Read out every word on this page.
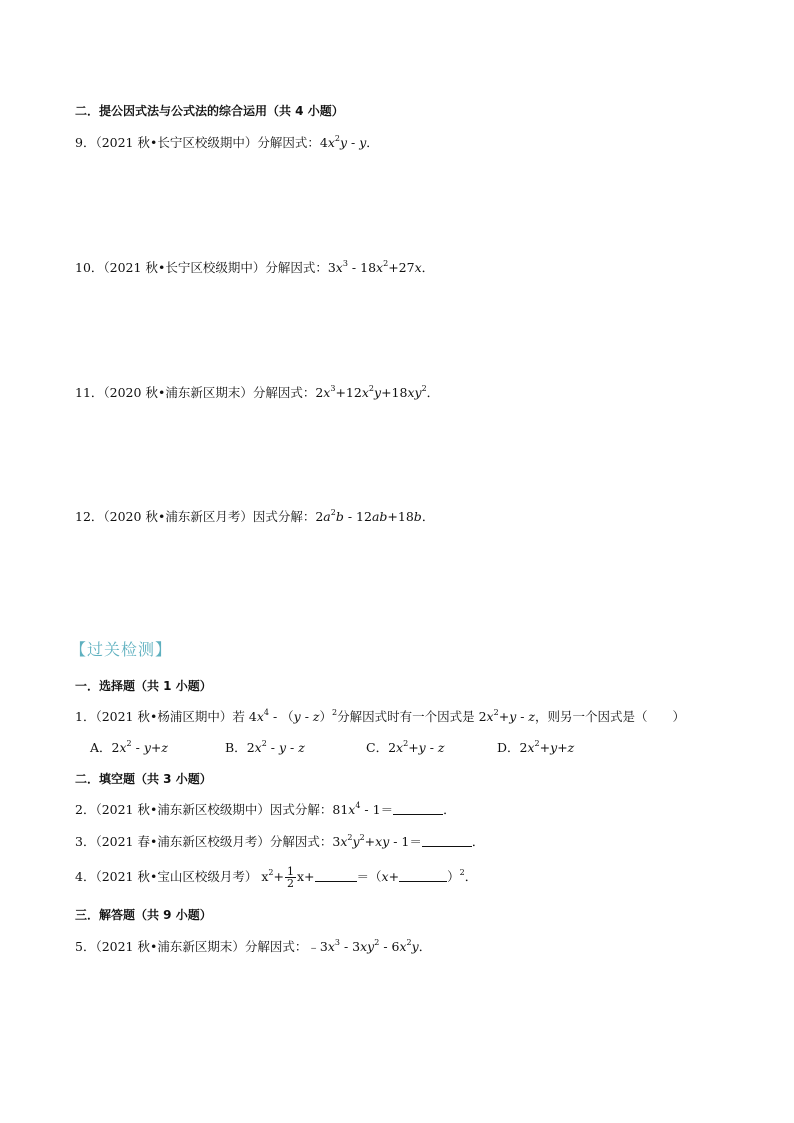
二．提公因式法与公式法的综合运用（共 4 小题）
9．（2021 秋•长宁区校级期中）分解因式：$4x^2y$ - y．
10．（2021 秋•长宁区校级期中）分解因式：$3x^3 - 18x^2+27x$．
11．（2020 秋•浦东新区期末）分解因式：$2x^3+12x^2y+18xy^2$．
12．（2020 秋•浦东新区月考）因式分解：$2a^2b - 12ab+18b$．
【过关检测】
一．选择题（共 1 小题）
1．（2021 秋•杨浦区期中）若 $4x^4 - (y - z)^2$分解因式时有一个因式是 $2x^2+y - z$，则另一个因式是（　　）
A．$2x^2 - y+z$	B．$2x^2$ - y - z	C．$2x^2+y - z$	D．$2x^2+y+z$
二．填空题（共 3 小题）
2．（2021 秋•浦东新区校级期中）因式分解：$81x^4 - 1=$	．
3．（2021 春•浦东新区校级月考）分解因式：$3x^2y^2+xy - 1=$	．
4．（2021 秋•宝山区校级月考） $x^2+ \frac{1}{2} x+$	＝（x+	）$^2$．
三．解答题（共 9 小题）
5．（2021 秋•浦东新区期末）分解因式：$﹣3x^3 - 3xy^2 - 6x^2y$．
